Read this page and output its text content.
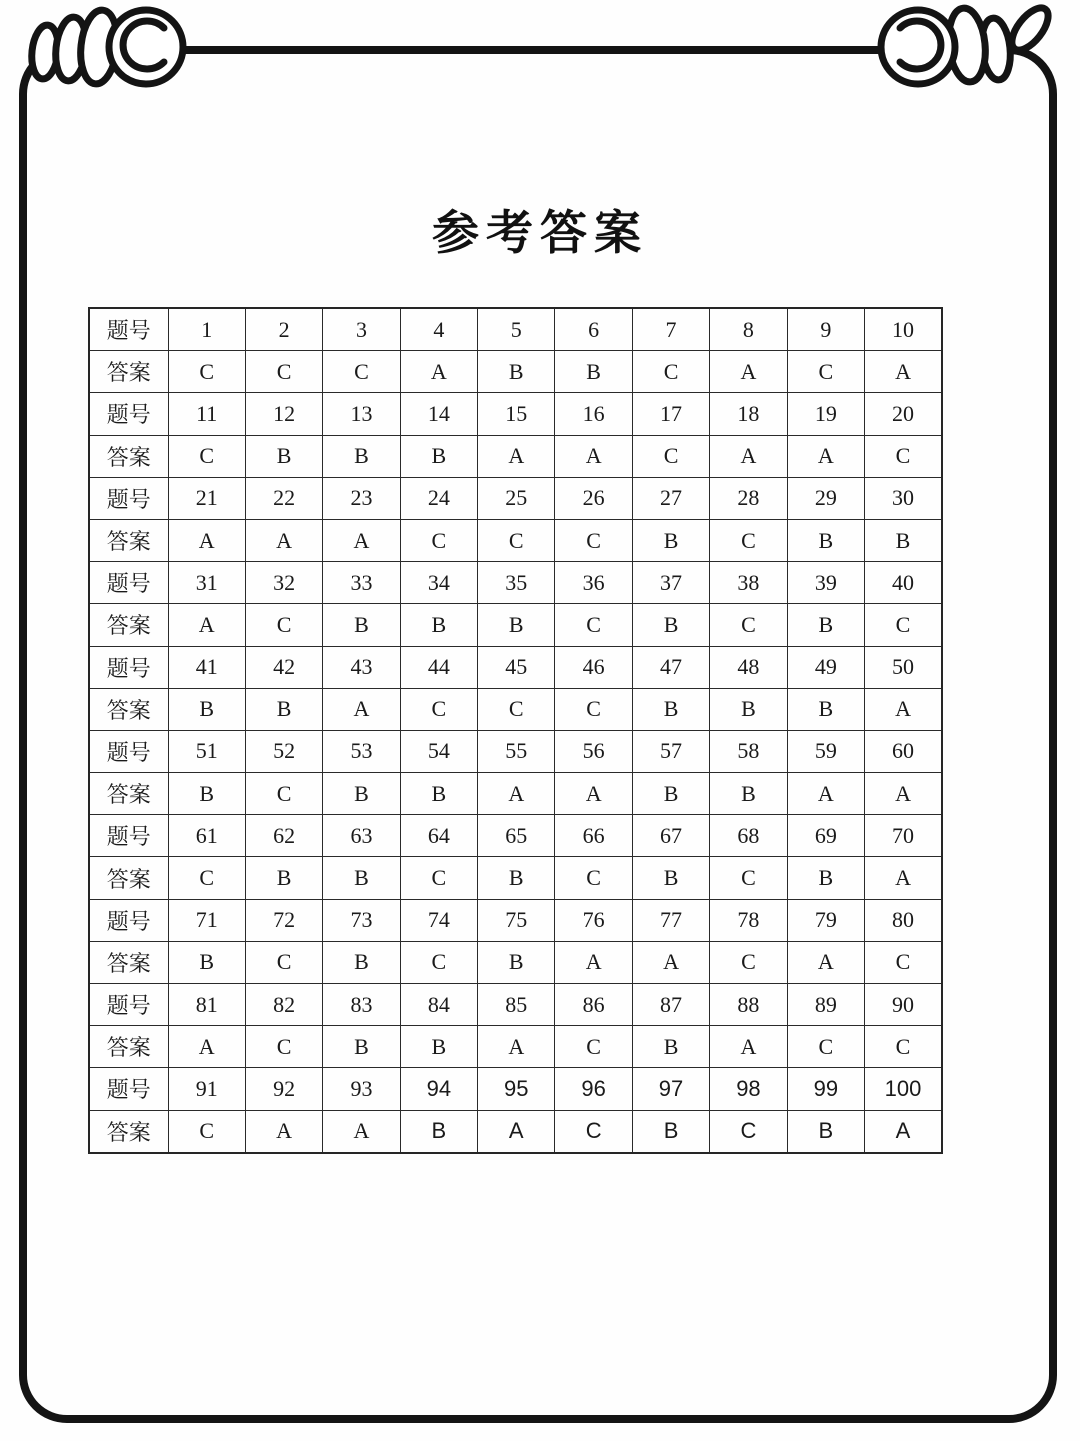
参考答案
题号	1	2	3	4	5	6	7	8	9	10
答案	C	C	C	A	B	B	C	A	C	A
题号	11	12	13	14	15	16	17	18	19	20
答案	C	B	B	B	A	A	C	A	A	C
题号	21	22	23	24	25	26	27	28	29	30
答案	A	A	A	C	C	C	B	C	B	B
题号	31	32	33	34	35	36	37	38	39	40
答案	A	C	B	B	B	C	B	C	B	C
题号	41	42	43	44	45	46	47	48	49	50
答案	B	B	A	C	C	C	B	B	B	A
题号	51	52	53	54	55	56	57	58	59	60
答案	B	C	B	B	A	A	B	B	A	A
题号	61	62	63	64	65	66	67	68	69	70
答案	C	B	B	C	B	C	B	C	B	A
题号	71	72	73	74	75	76	77	78	79	80
答案	B	C	B	C	B	A	A	C	A	C
题号	81	82	83	84	85	86	87	88	89	90
答案	A	C	B	B	A	C	B	A	C	C
题号	91	92	93	94	95	96	97	98	99	100
答案	C	A	A	B	A	C	B	C	B	A
